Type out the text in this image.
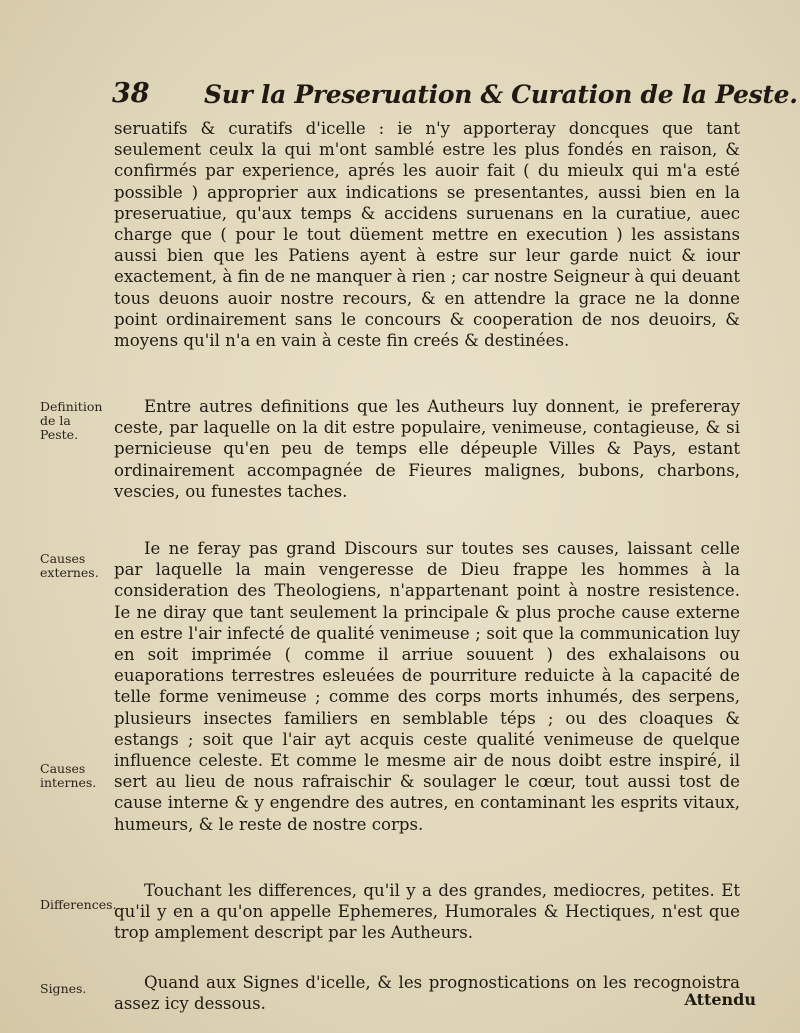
38 Sur la Preseruation & Curation de la Peste.

seruatifs & curatifs d'icelle : ie n'y apporteray doncques que tant seulement ceulx la qui m'ont samblé estre les plus fondés en raison, & confirmés par experience, aprés les auoir fait ( du mieulx qui m'a esté possible ) approprier aux indications se presentantes, aussi bien en la preseruatiue, qu'aux temps & accidens suruenans en la curatiue, auec charge que ( pour le tout düement mettre en execution ) les assistans aussi bien que les Patiens ayent à estre sur leur garde nuict & iour exactement, à fin de ne manquer à rien ; car nostre Seigneur à qui deuant tous deuons auoir nostre recours, & en attendre la grace ne la donne point ordinairement sans le concours & cooperation de nos deuoirs, & moyens qu'il n'a en vain à ceste fin creés & destinées.

Entre autres definitions que les Autheurs luy donnent, ie prefereray ceste, par laquelle on la dit estre populaire, venimeuse, contagieuse, & si pernicieuse qu'en peu de temps elle dépeuple Villes & Pays, estant ordinairement accompagnée de Fieures malignes, bubons, charbons, vescies, ou funestes taches.

Ie ne feray pas grand Discours sur toutes ses causes, laissant celle par laquelle la main vengeresse de Dieu frappe les hommes à la consideration des Theologiens, n'appartenant point à nostre resistence. Ie ne diray que tant seulement la principale & plus proche cause externe en estre l'air infecté de qualité venimeuse ; soit que la communication luy en soit imprimée ( comme il arriue souuent ) des exhalaisons ou euaporations terrestres esleuées de pourriture reduicte à la capacité de telle forme venimeuse ; comme des corps morts inhumés, des serpens, plusieurs insectes familiers en semblable téps ; ou des cloaques & estangs ; soit que l'air ayt acquis ceste qualité venimeuse de quelque influence celeste. Et comme le mesme air de nous doibt estre inspiré, il sert au lieu de nous rafraischir & soulager le cœur, tout aussi tost de cause interne & y engendre des autres, en contaminant les esprits vitaux, humeurs, & le reste de nostre corps.

Touchant les differences, qu'il y a des grandes, mediocres, petites. Et qu'il y en a qu'on appelle Ephemeres, Humorales & Hectiques, n'est que trop amplement descript par les Autheurs.

Quand aux Signes d'icelle, & les prognostications on les recognoistra assez icy dessous.

Definition de la Peste.
Causes externes.
Causes internes.
Differences.
Signes.
Attendu
